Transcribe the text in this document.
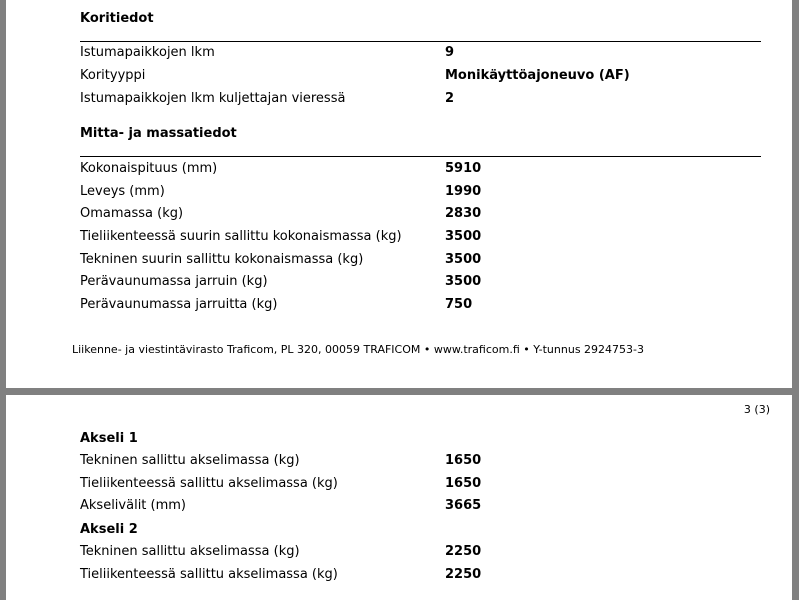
Koritiedot
Istumapaikkojen lkm	9
Korityyppi	Monikäyttöajoneuvo (AF)
Istumapaikkojen lkm kuljettajan vieressä	2
Mitta- ja massatiedot
Kokonaispituus (mm)	5910
Leveys (mm)	1990
Omamassa (kg)	2830
Tieliikenteessä suurin sallittu kokonaismassa (kg)	3500
Tekninen suurin sallittu kokonaismassa (kg)	3500
Perävaunumassa jarruin (kg)	3500
Perävaunumassa jarruitta (kg)	750
Liikenne- ja viestintävirasto Traficom, PL 320, 00059 TRAFICOM • www.traficom.fi • Y-tunnus 2924753-3
3 (3)
Akseli 1
Tekninen sallittu akselimassa (kg)	1650
Tieliikenteessä sallittu akselimassa (kg)	1650
Akselivälit (mm)	3665
Akseli 2
Tekninen sallittu akselimassa (kg)	2250
Tieliikenteessä sallittu akselimassa (kg)	2250
